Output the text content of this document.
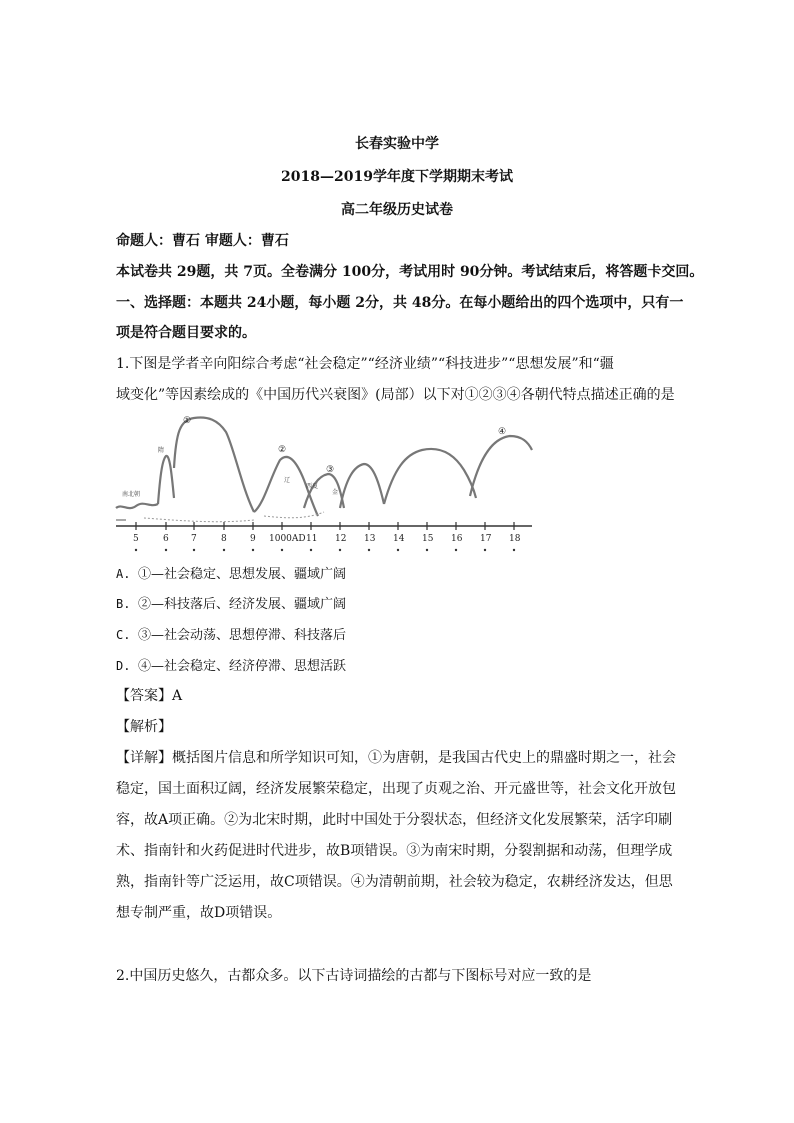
长春实验中学
2018—2019学年度下学期期末考试
高二年级历史试卷
命题人：曹石 审题人：曹石
本试卷共 29题，共 7页。全卷满分 100分，考试用时 90分钟。考试结束后，将答题卡交回。
一、选择题：本题共 24小题，每小题 2分，共 48分。在每小题给出的四个选项中，只有一
项是符合题目要求的。
1.下图是学者辛向阳综合考虑“社会稳定”“经济业绩”“科技进步”“思想发展”和“疆
域变化”等因素绘成的《中国历代兴衰图》(局部）以下对①②③④各朝代特点描述正确的是
①
②
③
④
南北朝
隋
辽
西夏
金
5	6 7	8	9 1000AD 11 12 13 14 15 16 17 18
A. ①—社会稳定、思想发展、疆域广阔
B. ②—科技落后、经济发展、疆域广阔
C. ③—社会动荡、思想停滞、科技落后
D. ④—社会稳定、经济停滞、思想活跃
【答案】A
【解析】
【详解】概括图片信息和所学知识可知，①为唐朝，是我国古代史上的鼎盛时期之一，社会
稳定，国土面积辽阔，经济发展繁荣稳定，出现了贞观之治、开元盛世等，社会文化开放包
容，故A项正确。②为北宋时期，此时中国处于分裂状态，但经济文化发展繁荣，活字印刷
术、指南针和火药促进时代进步，故B项错误。③为南宋时期，分裂割据和动荡，但理学成
熟，指南针等广泛运用，故C项错误。④为清朝前期，社会较为稳定，农耕经济发达，但思
想专制严重，故D项错误。
2.中国历史悠久，古都众多。以下古诗词描绘的古都与下图标号对应一致的是
